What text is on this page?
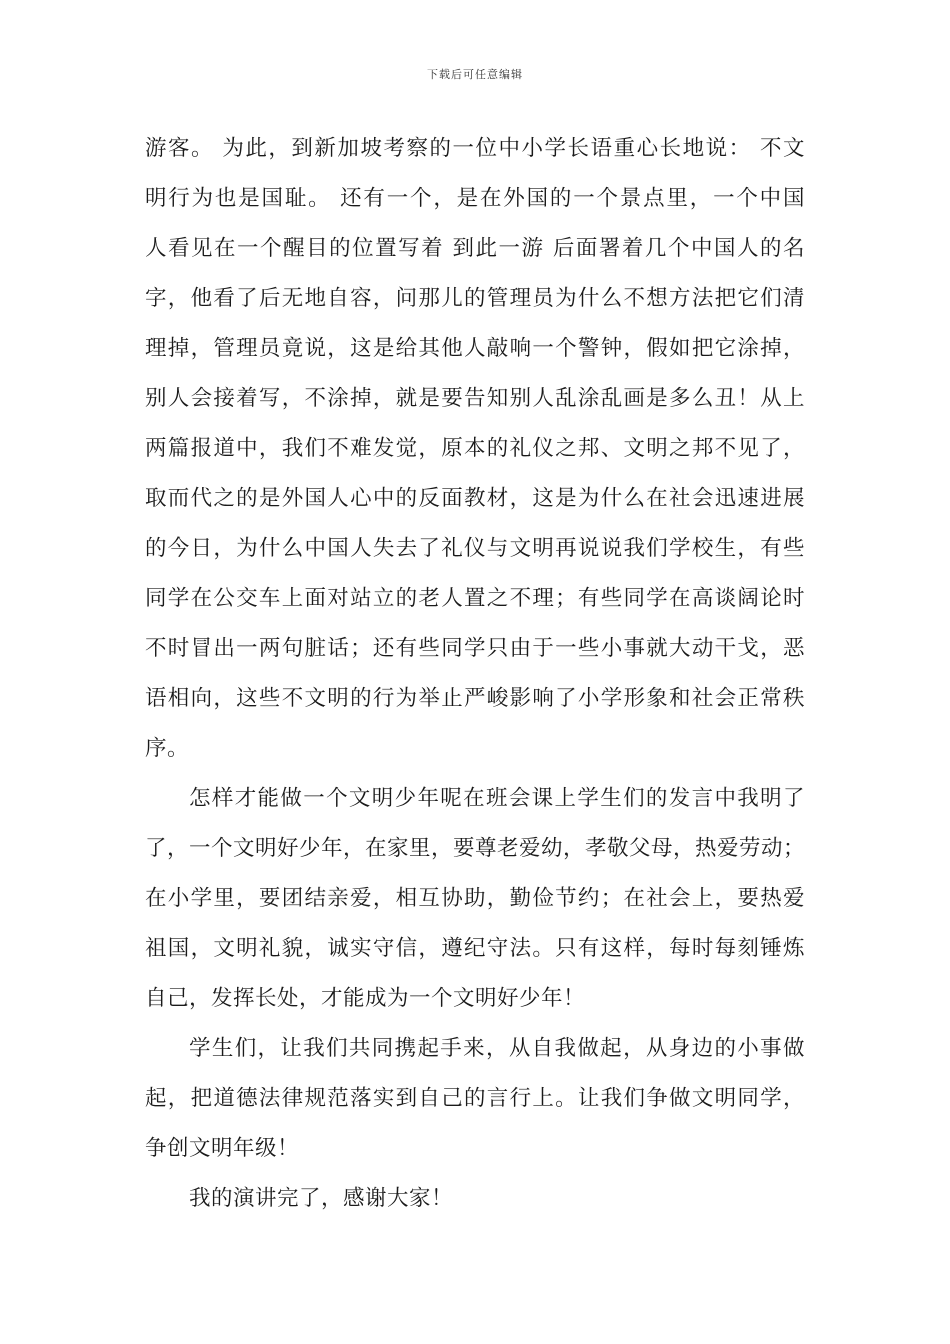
下载后可任意编辑
游客。 为此，到新加坡考察的一位中小学长语重心长地说： 不文
明行为也是国耻。 还有一个，是在外国的一个景点里，一个中国
人看见在一个醒目的位置写着 到此一游 后面署着几个中国人的名
字，他看了后无地自容，问那儿的管理员为什么不想方法把它们清
理掉，管理员竟说，这是给其他人敲响一个警钟，假如把它涂掉，
别人会接着写，不涂掉，就是要告知别人乱涂乱画是多么丑！从上
两篇报道中，我们不难发觉，原本的礼仪之邦、文明之邦不见了，
取而代之的是外国人心中的反面教材，这是为什么在社会迅速进展
的今日，为什么中国人失去了礼仪与文明再说说我们学校生，有些
同学在公交车上面对站立的老人置之不理；有些同学在高谈阔论时
不时冒出一两句脏话；还有些同学只由于一些小事就大动干戈，恶
语相向，这些不文明的行为举止严峻影响了小学形象和社会正常秩
序。
怎样才能做一个文明少年呢在班会课上学生们的发言中我明了
了，一个文明好少年，在家里，要尊老爱幼，孝敬父母，热爱劳动；
在小学里，要团结亲爱，相互协助，勤俭节约；在社会上，要热爱
祖国，文明礼貌，诚实守信，遵纪守法。只有这样，每时每刻锤炼
自己，发挥长处，才能成为一个文明好少年！
学生们，让我们共同携起手来，从自我做起，从身边的小事做
起，把道德法律规范落实到自己的言行上。让我们争做文明同学，
争创文明年级！
我的演讲完了，感谢大家！
